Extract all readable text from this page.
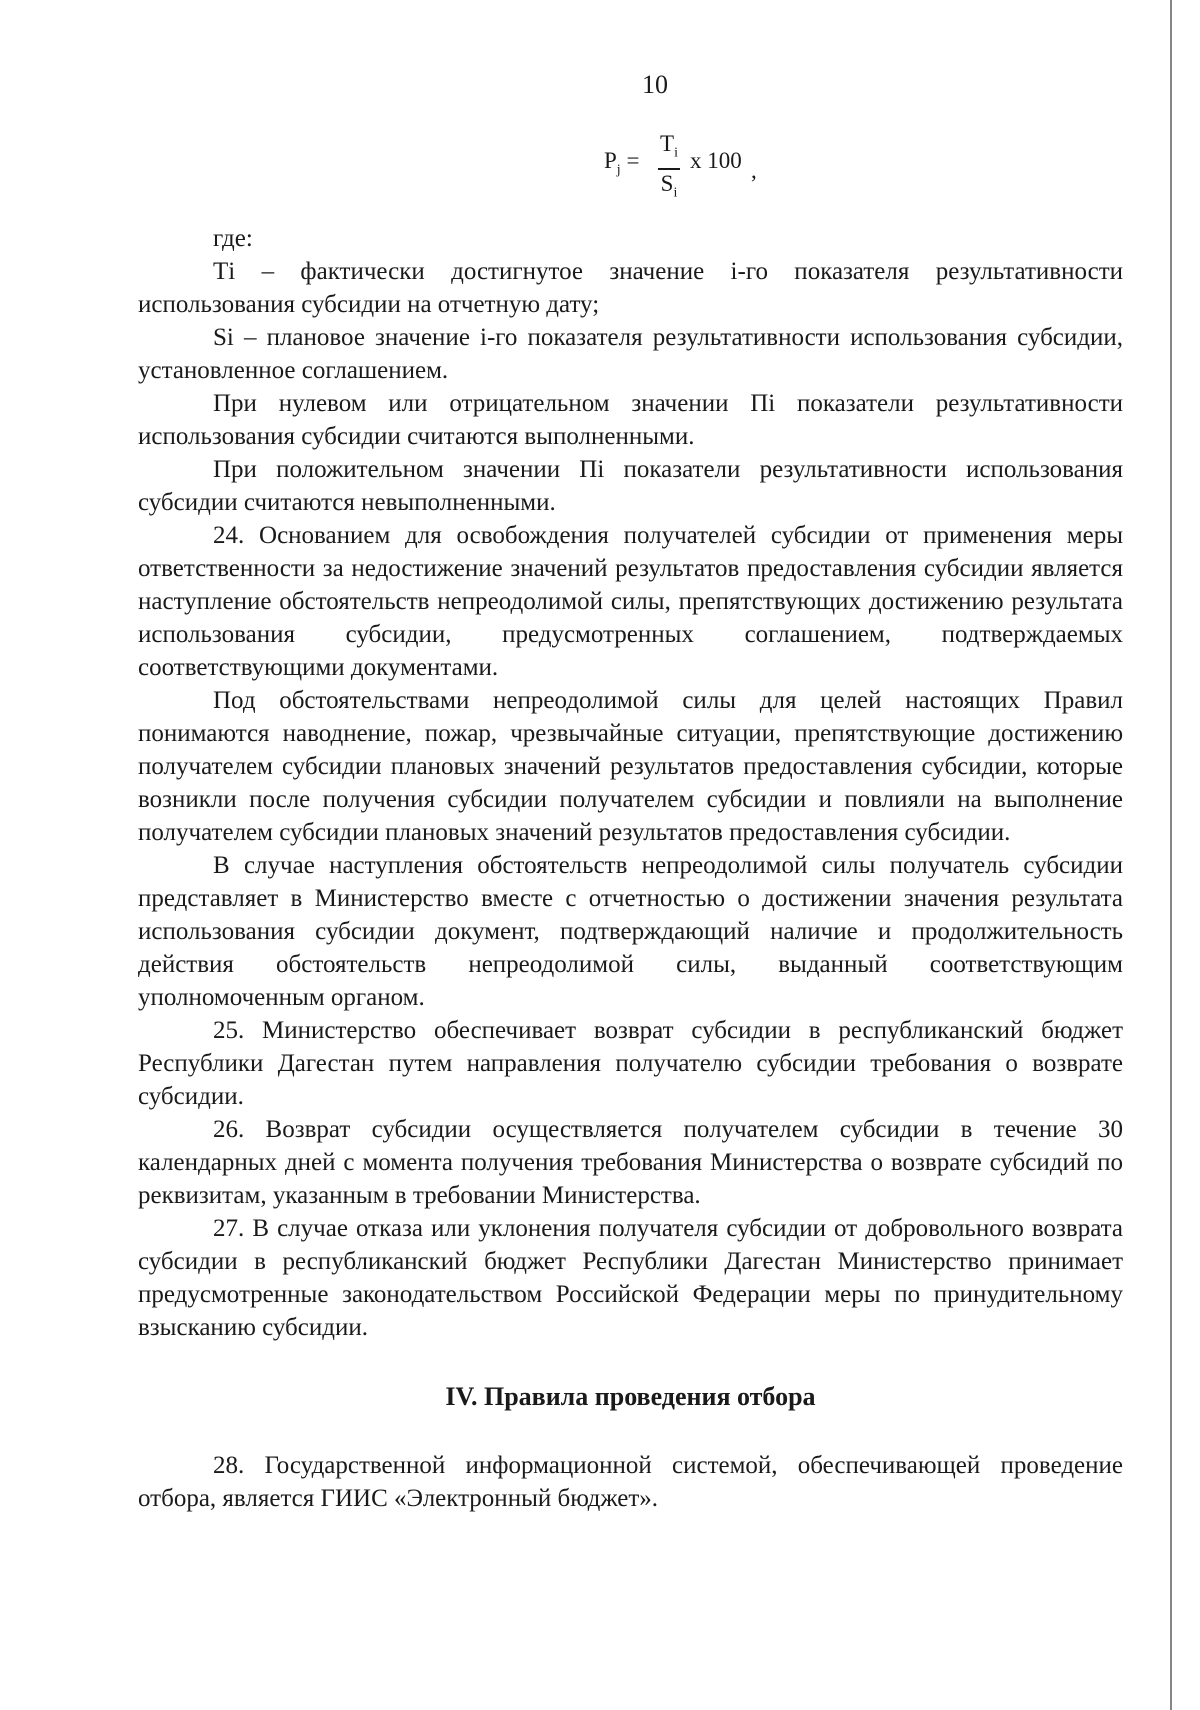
10
$P_j$ =
$T_i$
$S_i$
x 100 ,

где:

Тi – фактически достигнутое значение i-го показателя результативности использования субсидии на отчетную дату;

Si – плановое значение i-го показателя результативности использования субсидии, установленное соглашением.

При нулевом или отрицательном значении Пi показатели результативности использования субсидии считаются выполненными.

При положительном значении Пi показатели результативности использования субсидии считаются невыполненными.

24. Основанием для освобождения получателей субсидии от применения меры ответственности за недостижение значений результатов предоставления субсидии является наступление обстоятельств непреодолимой силы, препятствующих достижению результата использования субсидии, предусмотренных соглашением, подтверждаемых соответствующими документами.

Под обстоятельствами непреодолимой силы для целей настоящих Правил понимаются наводнение, пожар, чрезвычайные ситуации, препятствующие достижению получателем субсидии плановых значений результатов предоставления субсидии, которые возникли после получения субсидии получателем субсидии и повлияли на выполнение получателем субсидии плановых значений результатов предоставления субсидии.

В случае наступления обстоятельств непреодолимой силы получатель субсидии представляет в Министерство вместе с отчетностью о достижении значения результата использования субсидии документ, подтверждающий наличие и продолжительность действия обстоятельств непреодолимой силы, выданный соответствующим уполномоченным органом.

25. Министерство обеспечивает возврат субсидии в республиканский бюджет Республики Дагестан путем направления получателю субсидии требования о возврате субсидии.

26. Возврат субсидии осуществляется получателем субсидии в течение 30 календарных дней с момента получения требования Министерства о возврате субсидий по реквизитам, указанным в требовании Министерства.

27. В случае отказа или уклонения получателя субсидии от добровольного возврата субсидии в республиканский бюджет Республики Дагестан Министерство принимает предусмотренные законодательством Российской Федерации меры по принудительному взысканию субсидии.

IV. Правила проведения отбора

28. Государственной информационной системой, обеспечивающей проведение отбора, является ГИИС «Электронный бюджет».
